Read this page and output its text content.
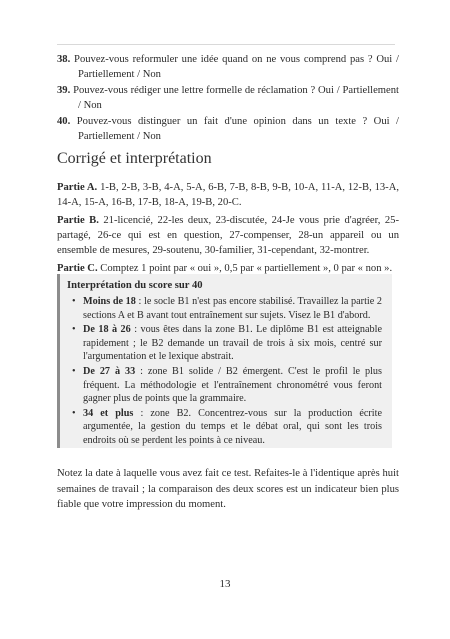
38. Pouvez-vous reformuler une idée quand on ne vous comprend pas ? Oui / Partiellement / Non

39. Pouvez-vous rédiger une lettre formelle de réclamation ? Oui / Partiellement / Non

40. Pouvez-vous distinguer un fait d'une opinion dans un texte ? Oui / Partiellement / Non

Corrigé et interprétation

Partie A. 1-B, 2-B, 3-B, 4-A, 5-A, 6-B, 7-B, 8-B, 9-B, 10-A, 11-A, 12-B, 13-A, 14-A, 15-A, 16-B, 17-B, 18-A, 19-B, 20-C.

Partie B. 21-licencié, 22-les deux, 23-discutée, 24-Je vous prie d'agréer, 25-partagé, 26-ce qui est en question, 27-compenser, 28-un appareil ou un ensemble de mesures, 29-soutenu, 30-familier, 31-cependant, 32-montrer.

Partie C. Comptez 1 point par « oui », 0,5 par « partiellement », 0 par « non ».

Interprétation du score sur 40

• Moins de 18 : le socle B1 n'est pas encore stabilisé. Travaillez la partie 2 sections A et B avant tout entraînement sur sujets. Visez le B1 d'abord.
• De 18 à 26 : vous êtes dans la zone B1. Le diplôme B1 est atteignable rapidement ; le B2 demande un travail de trois à six mois, centré sur l'argumentation et le lexique abstrait.
• De 27 à 33 : zone B1 solide / B2 émergent. C'est le profil le plus fréquent. La méthodologie et l'entraînement chronométré vous feront gagner plus de points que la grammaire.
• 34 et plus : zone B2. Concentrez-vous sur la production écrite argumentée, la gestion du temps et le débat oral, qui sont les trois endroits où se perdent les points à ce niveau.

Notez la date à laquelle vous avez fait ce test. Refaites-le à l'identique après huit semaines de travail ; la comparaison des deux scores est un indicateur bien plus fiable que votre impression du moment.

13
